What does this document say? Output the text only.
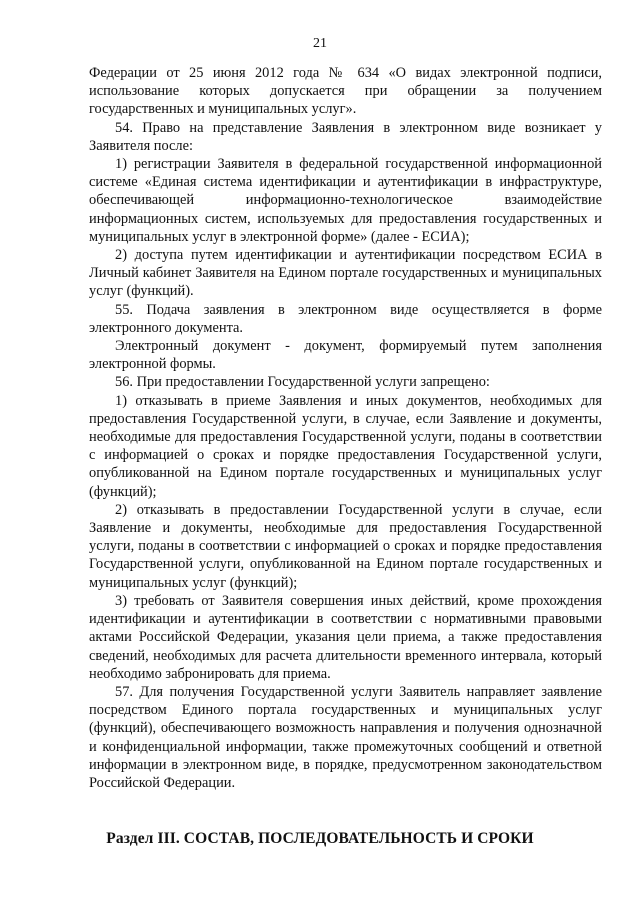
21

Федерации от 25 июня 2012 года № 634 «О видах электронной подписи, использование которых допускается при обращении за получением государственных и муниципальных услуг».

54. Право на представление Заявления в электронном виде возникает у Заявителя после:

1) регистрации Заявителя в федеральной государственной информационной системе «Единая система идентификации и аутентификации в инфраструктуре, обеспечивающей информационно-технологическое взаимодействие информационных систем, используемых для предоставления государственных и муниципальных услуг в электронной форме» (далее - ЕСИА);

2) доступа путем идентификации и аутентификации посредством ЕСИА в Личный кабинет Заявителя на Едином портале государственных и муниципальных услуг (функций).

55. Подача заявления в электронном виде осуществляется в форме электронного документа.

Электронный документ - документ, формируемый путем заполнения электронной формы.

56. При предоставлении Государственной услуги запрещено:

1) отказывать в приеме Заявления и иных документов, необходимых для предоставления Государственной услуги, в случае, если Заявление и документы, необходимые для предоставления Государственной услуги, поданы в соответствии с информацией о сроках и порядке предоставления Государственной услуги, опубликованной на Едином портале государственных и муниципальных услуг (функций);

2) отказывать в предоставлении Государственной услуги в случае, если Заявление и документы, необходимые для предоставления Государственной услуги, поданы в соответствии с информацией о сроках и порядке предоставления Государственной услуги, опубликованной на Едином портале государственных и муниципальных услуг (функций);

3) требовать от Заявителя совершения иных действий, кроме прохождения идентификации и аутентификации в соответствии с нормативными правовыми актами Российской Федерации, указания цели приема, а также предоставления сведений, необходимых для расчета длительности временного интервала, который необходимо забронировать для приема.

57. Для получения Государственной услуги Заявитель направляет заявление посредством Единого портала государственных и муниципальных услуг (функций), обеспечивающего возможность направления и получения однозначной и конфиденциальной информации, также промежуточных сообщений и ответной информации в электронном виде, в порядке, предусмотренном законодательством Российской Федерации.

Раздел III. СОСТАВ, ПОСЛЕДОВАТЕЛЬНОСТЬ И СРОКИ
